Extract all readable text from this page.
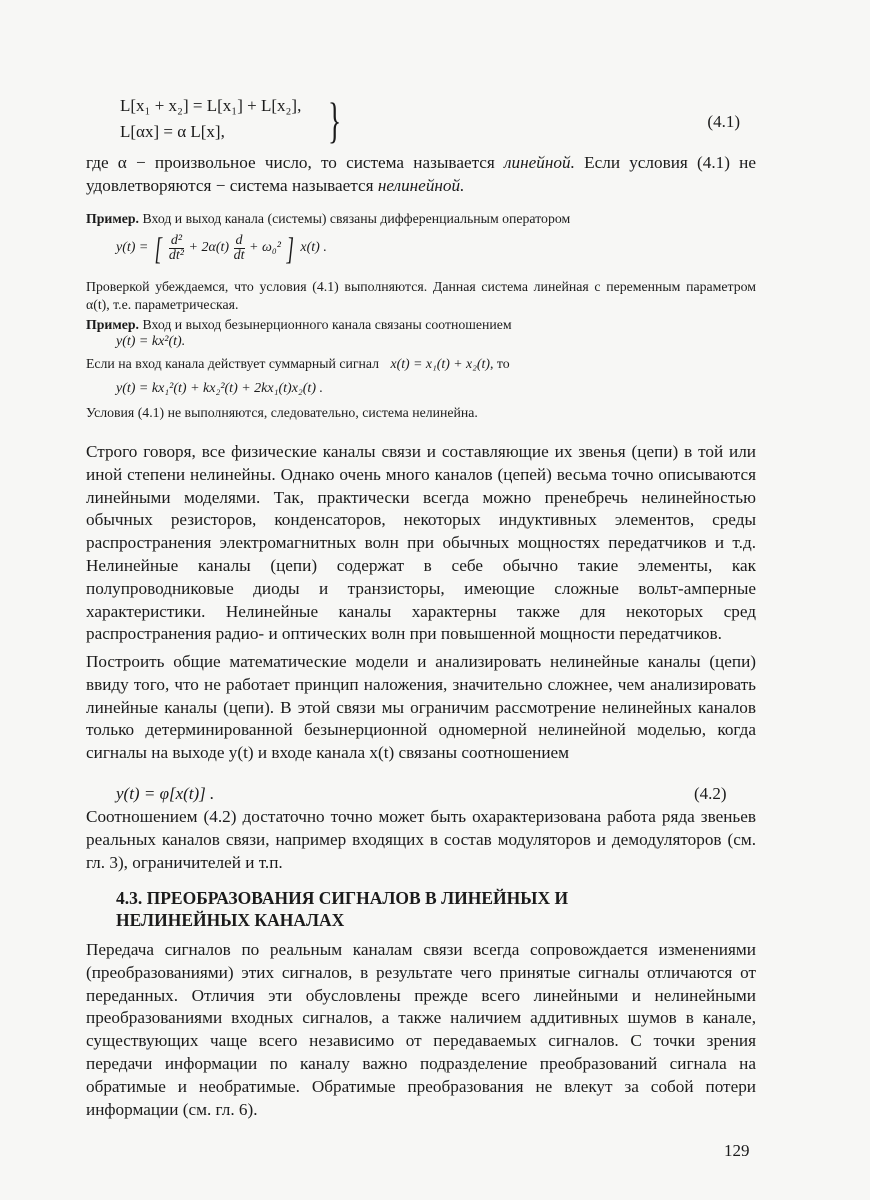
L[x₁ + x₂] = L[x₁] + L[x₂],
L[αx] = α L[x], }	(4.1)
где α − произвольное число, то система называется линейной. Если условия (4.1) не удовлетворяются − система называется нелинейной.
Пример. Вход и выход канала (системы) связаны дифференциальным оператором
y(t) = [ $\frac{\text{d²}}{\text{dt²}} + 2\alpha(t) \frac{d}{dt} + \omega_0^2$ ] x(t) .
Проверкой убеждаемся, что условия (4.1) выполняются. Данная система линейная с переменным параметром α(t), т.е. параметрическая.
Пример. Вход и выход безынерционного канала связаны соотношением
y(t) = kx²(t).
Если на вход канала действует суммарный сигнал x(t) = x₁(t) + x₂(t), то
y(t) = kx₁²(t) + kx₂²(t) + 2kx₁(t)x₂(t) .
Условия (4.1) не выполняются, следовательно, система нелинейна.
Строго говоря, все физические каналы связи и составляющие их звенья (цепи) в той или иной степени нелинейны. Однако очень много каналов (цепей) весьма точно описываются линейными моделями. Так, практически всегда можно пренебречь нелинейностью обычных резисторов, конденсаторов, некоторых индуктивных элементов, среды распространения электромагнитных волн при обычных мощностях передатчиков и т.д. Нелинейные каналы (цепи) содержат в себе обычно такие элементы, как полупроводниковые диоды и транзисторы, имеющие сложные вольт-амперные характеристики. Нелинейные каналы характерны также для некоторых сред распространения радио- и оптических волн при повышенной мощности передатчиков.
Построить общие математические модели и анализировать нелинейные каналы (цепи) ввиду того, что не работает принцип наложения, значительно сложнее, чем анализировать линейные каналы (цепи). В этой связи мы ограничим рассмотрение нелинейных каналов только детерминированной безынерционной одномерной нелинейной моделью, когда сигналы на выходе y(t) и входе канала x(t) связаны соотношением
y(t) = φ[x(t)] .	(4.2)
Соотношением (4.2) достаточно точно может быть охарактеризована работа ряда звеньев реальных каналов связи, например входящих в состав модуляторов и демодуляторов (см. гл. 3), ограничителей и т.п.
4.3. ПРЕОБРАЗОВАНИЯ СИГНАЛОВ В ЛИНЕЙНЫХ И НЕЛИНЕЙНЫХ КАНАЛАХ
Передача сигналов по реальным каналам связи всегда сопровождается изменениями (преобразованиями) этих сигналов, в результате чего принятые сигналы отличаются от переданных. Отличия эти обусловлены прежде всего линейными и нелинейными преобразованиями входных сигналов, а также наличием аддитивных шумов в канале, существующих чаще всего независимо от передаваемых сигналов. С точки зрения передачи информации по каналу важно подразделение преобразований сигнала на обратимые и необратимые. Обратимые преобразования не влекут за собой потери информации (см. гл. 6).
129
